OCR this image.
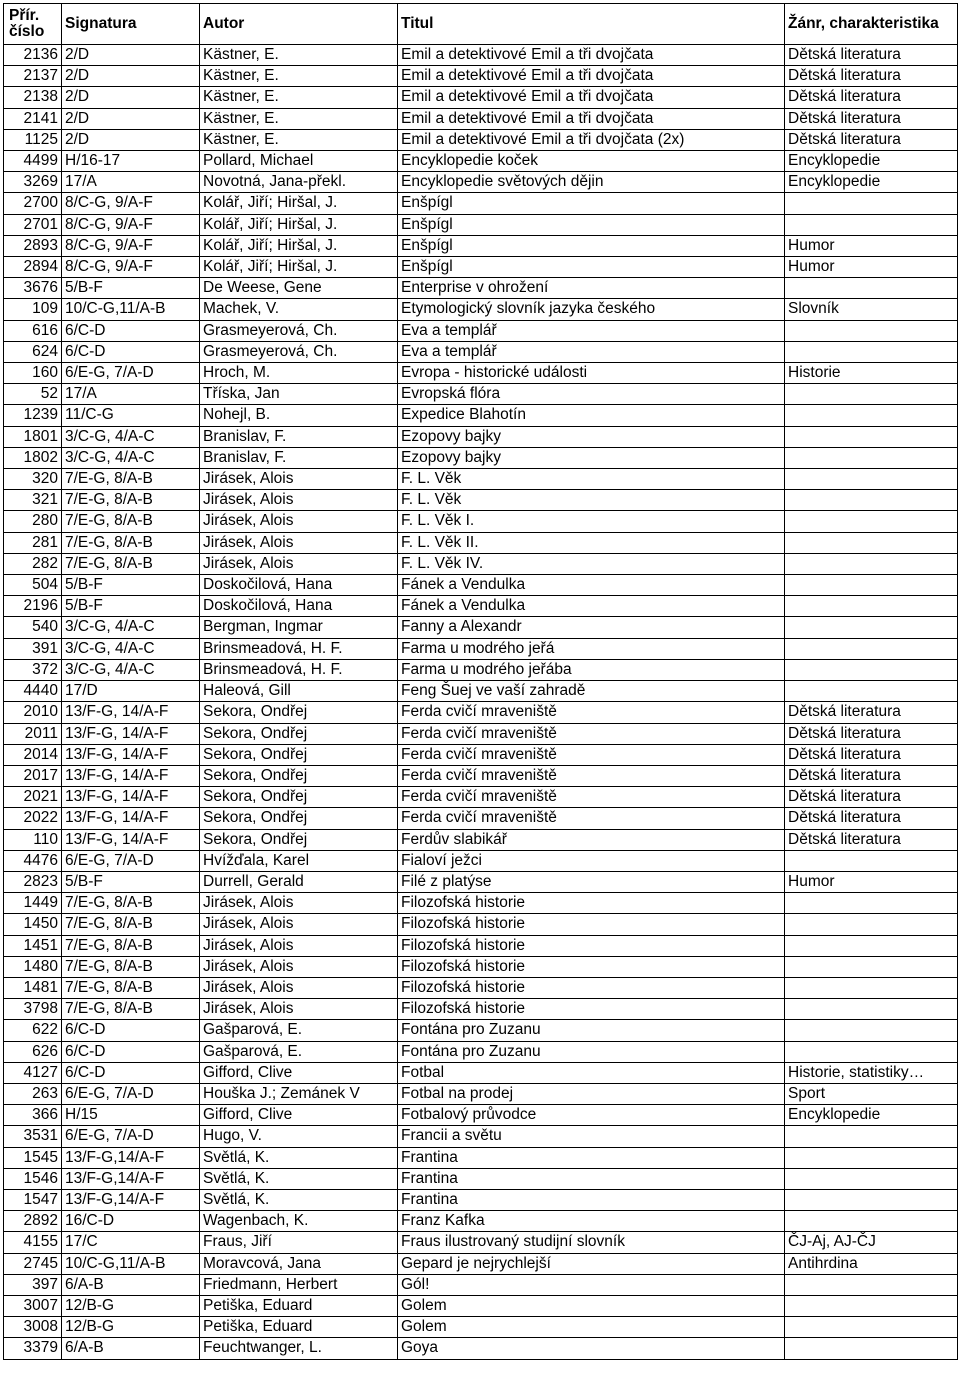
Přír.
číslo	Signatura	Autor	Titul	Žánr, charakteristika
2136	2/D	Kästner, E.	Emil a detektivové Emil a tři dvojčata	Dětská literatura
2137	2/D	Kästner, E.	Emil a detektivové Emil a tři dvojčata	Dětská literatura
2138	2/D	Kästner, E.	Emil a detektivové Emil a tři dvojčata	Dětská literatura
2141	2/D	Kästner, E.	Emil a detektivové Emil a tři dvojčata	Dětská literatura
1125	2/D	Kästner, E.	Emil a detektivové Emil a tři dvojčata (2x)	Dětská literatura
4499	H/16-17	Pollard, Michael	Encyklopedie koček	Encyklopedie
3269	17/A	Novotná, Jana-překl.	Encyklopedie světových dějin	Encyklopedie
2700	8/C-G, 9/A-F	Kolář, Jiří; Hiršal, J.	Enšpígl	
2701	8/C-G, 9/A-F	Kolář, Jiří; Hiršal, J.	Enšpígl	
2893	8/C-G, 9/A-F	Kolář, Jiří; Hiršal, J.	Enšpígl	Humor
2894	8/C-G, 9/A-F	Kolář, Jiří; Hiršal, J.	Enšpígl	Humor
3676	5/B-F	De Weese, Gene	Enterprise v ohrožení	
109	10/C-G,11/A-B	Machek, V.	Etymologický slovník jazyka českého	Slovník
616	6/C-D	Grasmeyerová, Ch.	Eva a templář	
624	6/C-D	Grasmeyerová, Ch.	Eva a templář	
160	6/E-G, 7/A-D	Hroch, M.	Evropa - historické události	Historie
52	17/A	Tříska, Jan	Evropská flóra	
1239	11/C-G	Nohejl, B.	Expedice Blahotín	
1801	3/C-G, 4/A-C	Branislav, F.	Ezopovy bajky	
1802	3/C-G, 4/A-C	Branislav, F.	Ezopovy bajky	
320	7/E-G, 8/A-B	Jirásek, Alois	F. L. Věk	
321	7/E-G, 8/A-B	Jirásek, Alois	F. L. Věk	
280	7/E-G, 8/A-B	Jirásek, Alois	F. L. Věk I.	
281	7/E-G, 8/A-B	Jirásek, Alois	F. L. Věk II.	
282	7/E-G, 8/A-B	Jirásek, Alois	F. L. Věk IV.	
504	5/B-F	Doskočilová, Hana	Fánek a Vendulka	
2196	5/B-F	Doskočilová, Hana	Fánek a Vendulka	
540	3/C-G, 4/A-C	Bergman, Ingmar	Fanny a Alexandr	
391	3/C-G, 4/A-C	Brinsmeadová, H. F.	Farma u modrého jeřá	
372	3/C-G, 4/A-C	Brinsmeadová, H. F.	Farma u modrého jeřába	
4440	17/D	Haleová, Gill	Feng Šuej ve vaší zahradě	
2010	13/F-G, 14/A-F	Sekora, Ondřej	Ferda cvičí mraveniště	Dětská literatura
2011	13/F-G, 14/A-F	Sekora, Ondřej	Ferda cvičí mraveniště	Dětská literatura
2014	13/F-G, 14/A-F	Sekora, Ondřej	Ferda cvičí mraveniště	Dětská literatura
2017	13/F-G, 14/A-F	Sekora, Ondřej	Ferda cvičí mraveniště	Dětská literatura
2021	13/F-G, 14/A-F	Sekora, Ondřej	Ferda cvičí mraveniště	Dětská literatura
2022	13/F-G, 14/A-F	Sekora, Ondřej	Ferda cvičí mraveniště	Dětská literatura
110	13/F-G, 14/A-F	Sekora, Ondřej	Ferdův slabikář	Dětská literatura
4476	6/E-G, 7/A-D	Hvížďala, Karel	Fialoví ježci	
2823	5/B-F	Durrell, Gerald	Filé z platýse	Humor
1449	7/E-G, 8/A-B	Jirásek, Alois	Filozofská historie	
1450	7/E-G, 8/A-B	Jirásek, Alois	Filozofská historie	
1451	7/E-G, 8/A-B	Jirásek, Alois	Filozofská historie	
1480	7/E-G, 8/A-B	Jirásek, Alois	Filozofská historie	
1481	7/E-G, 8/A-B	Jirásek, Alois	Filozofská historie	
3798	7/E-G, 8/A-B	Jirásek, Alois	Filozofská historie	
622	6/C-D	Gašparová, E.	Fontána pro Zuzanu	
626	6/C-D	Gašparová, E.	Fontána pro Zuzanu	
4127	6/C-D	Gifford, Clive	Fotbal	Historie, statistiky…
263	6/E-G, 7/A-D	Houška J.; Zemánek V	Fotbal na prodej	Sport
366	H/15	Gifford, Clive	Fotbalový průvodce	Encyklopedie
3531	6/E-G, 7/A-D	Hugo, V.	Francii a světu	
1545	13/F-G,14/A-F	Světlá, K.	Frantina	
1546	13/F-G,14/A-F	Světlá, K.	Frantina	
1547	13/F-G,14/A-F	Světlá, K.	Frantina	
2892	16/C-D	Wagenbach, K.	Franz Kafka	
4155	17/C	Fraus, Jiří	Fraus ilustrovaný studijní slovník	ČJ-Aj, AJ-ČJ
2745	10/C-G,11/A-B	Moravcová, Jana	Gepard je nejrychlejší	Antihrdina
397	6/A-B	Friedmann, Herbert	Gól!	
3007	12/B-G	Petiška, Eduard	Golem	
3008	12/B-G	Petiška, Eduard	Golem	
3379	6/A-B	Feuchtwanger, L.	Goya	
